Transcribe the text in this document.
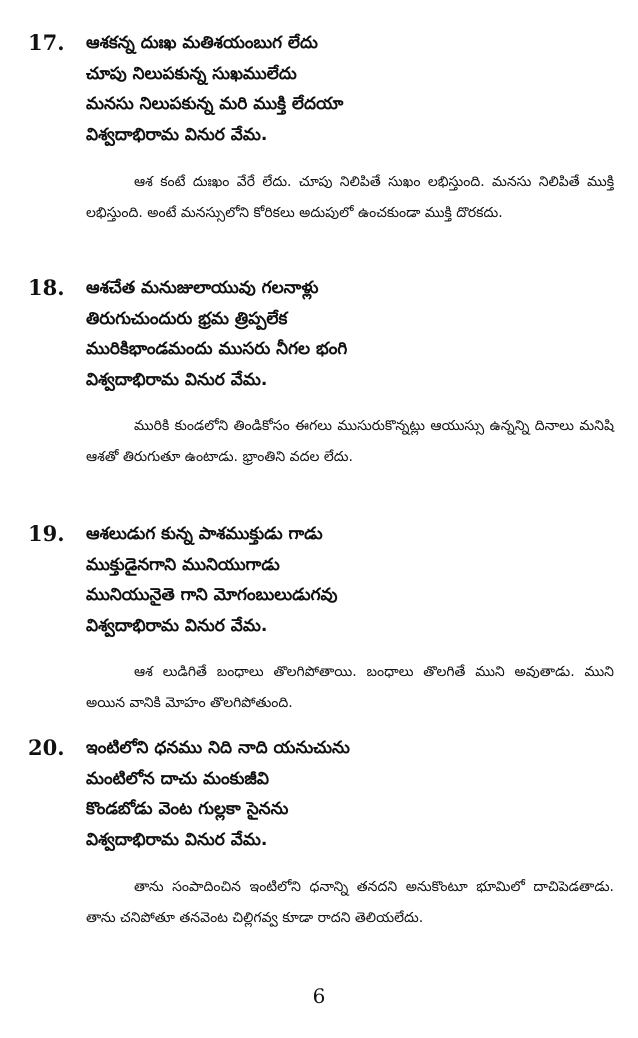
17. ఆశకన్న దుఃఖ మతిశయంబుగ లేదు
చూపు నిలుపకున్న సుఖములేదు
మనసు నిలుపకున్న మరి ముక్తి లేదయా
విశ్వదాభిరామ వినుర వేమ.
ఆశ కంటే దుఃఖం వేరే లేదు. చూపు నిలిపితే సుఖం లభిస్తుంది. మనసు నిలిపితే ముక్తి లభిస్తుంది. అంటే మనస్సులోని కోరికలు అదుపులో ఉంచకుండా ముక్తి దొరకదు.
18. ఆశచేత మనుజులాయువు గలనాళ్లు
తిరుగుచుందురు భ్రమ త్రిప్పలేక
మురికిభాండమందు ముసరు నీగల భంగి
విశ్వదాభిరామ వినుర వేమ.
మురికి కుండలోని తిండికోసం ఈగలు ముసురుకొన్నట్లు ఆయుస్సు ఉన్నన్ని దినాలు మనిషి ఆశతో తిరుగుతూ ఉంటాడు. భ్రాంతిని వదల లేదు.
19. ఆశలుడుగ కున్న పాశముక్తుడు గాడు
ముక్తుడైనగాని మునియుగాడు
మునియునైతె గాని మోగంబులుడుగవు
విశ్వదాభిరామ వినుర వేమ.
ఆశ లుడిగితే బంధాలు తొలగిపోతాయి. బంధాలు తొలగితే ముని అవుతాడు. ముని అయిన వానికి మోహం తొలగిపోతుంది.
20. ఇంటిలోని ధనము నిది నాది యనుచును
మంటిలోన దాచు మంకుజీవి
కొండబోడు వెంట గుల్లకా సైనను
విశ్వదాభిరామ వినుర వేమ.
తాను సంపాదించిన ఇంటిలోని ధనాన్ని తనదని అనుకొంటూ భూమిలో దాచిపెడతాడు. తాను చనిపోతూ తనవెంట చిల్లిగవ్వ కూడా రాదని తెలియలేదు.
6
